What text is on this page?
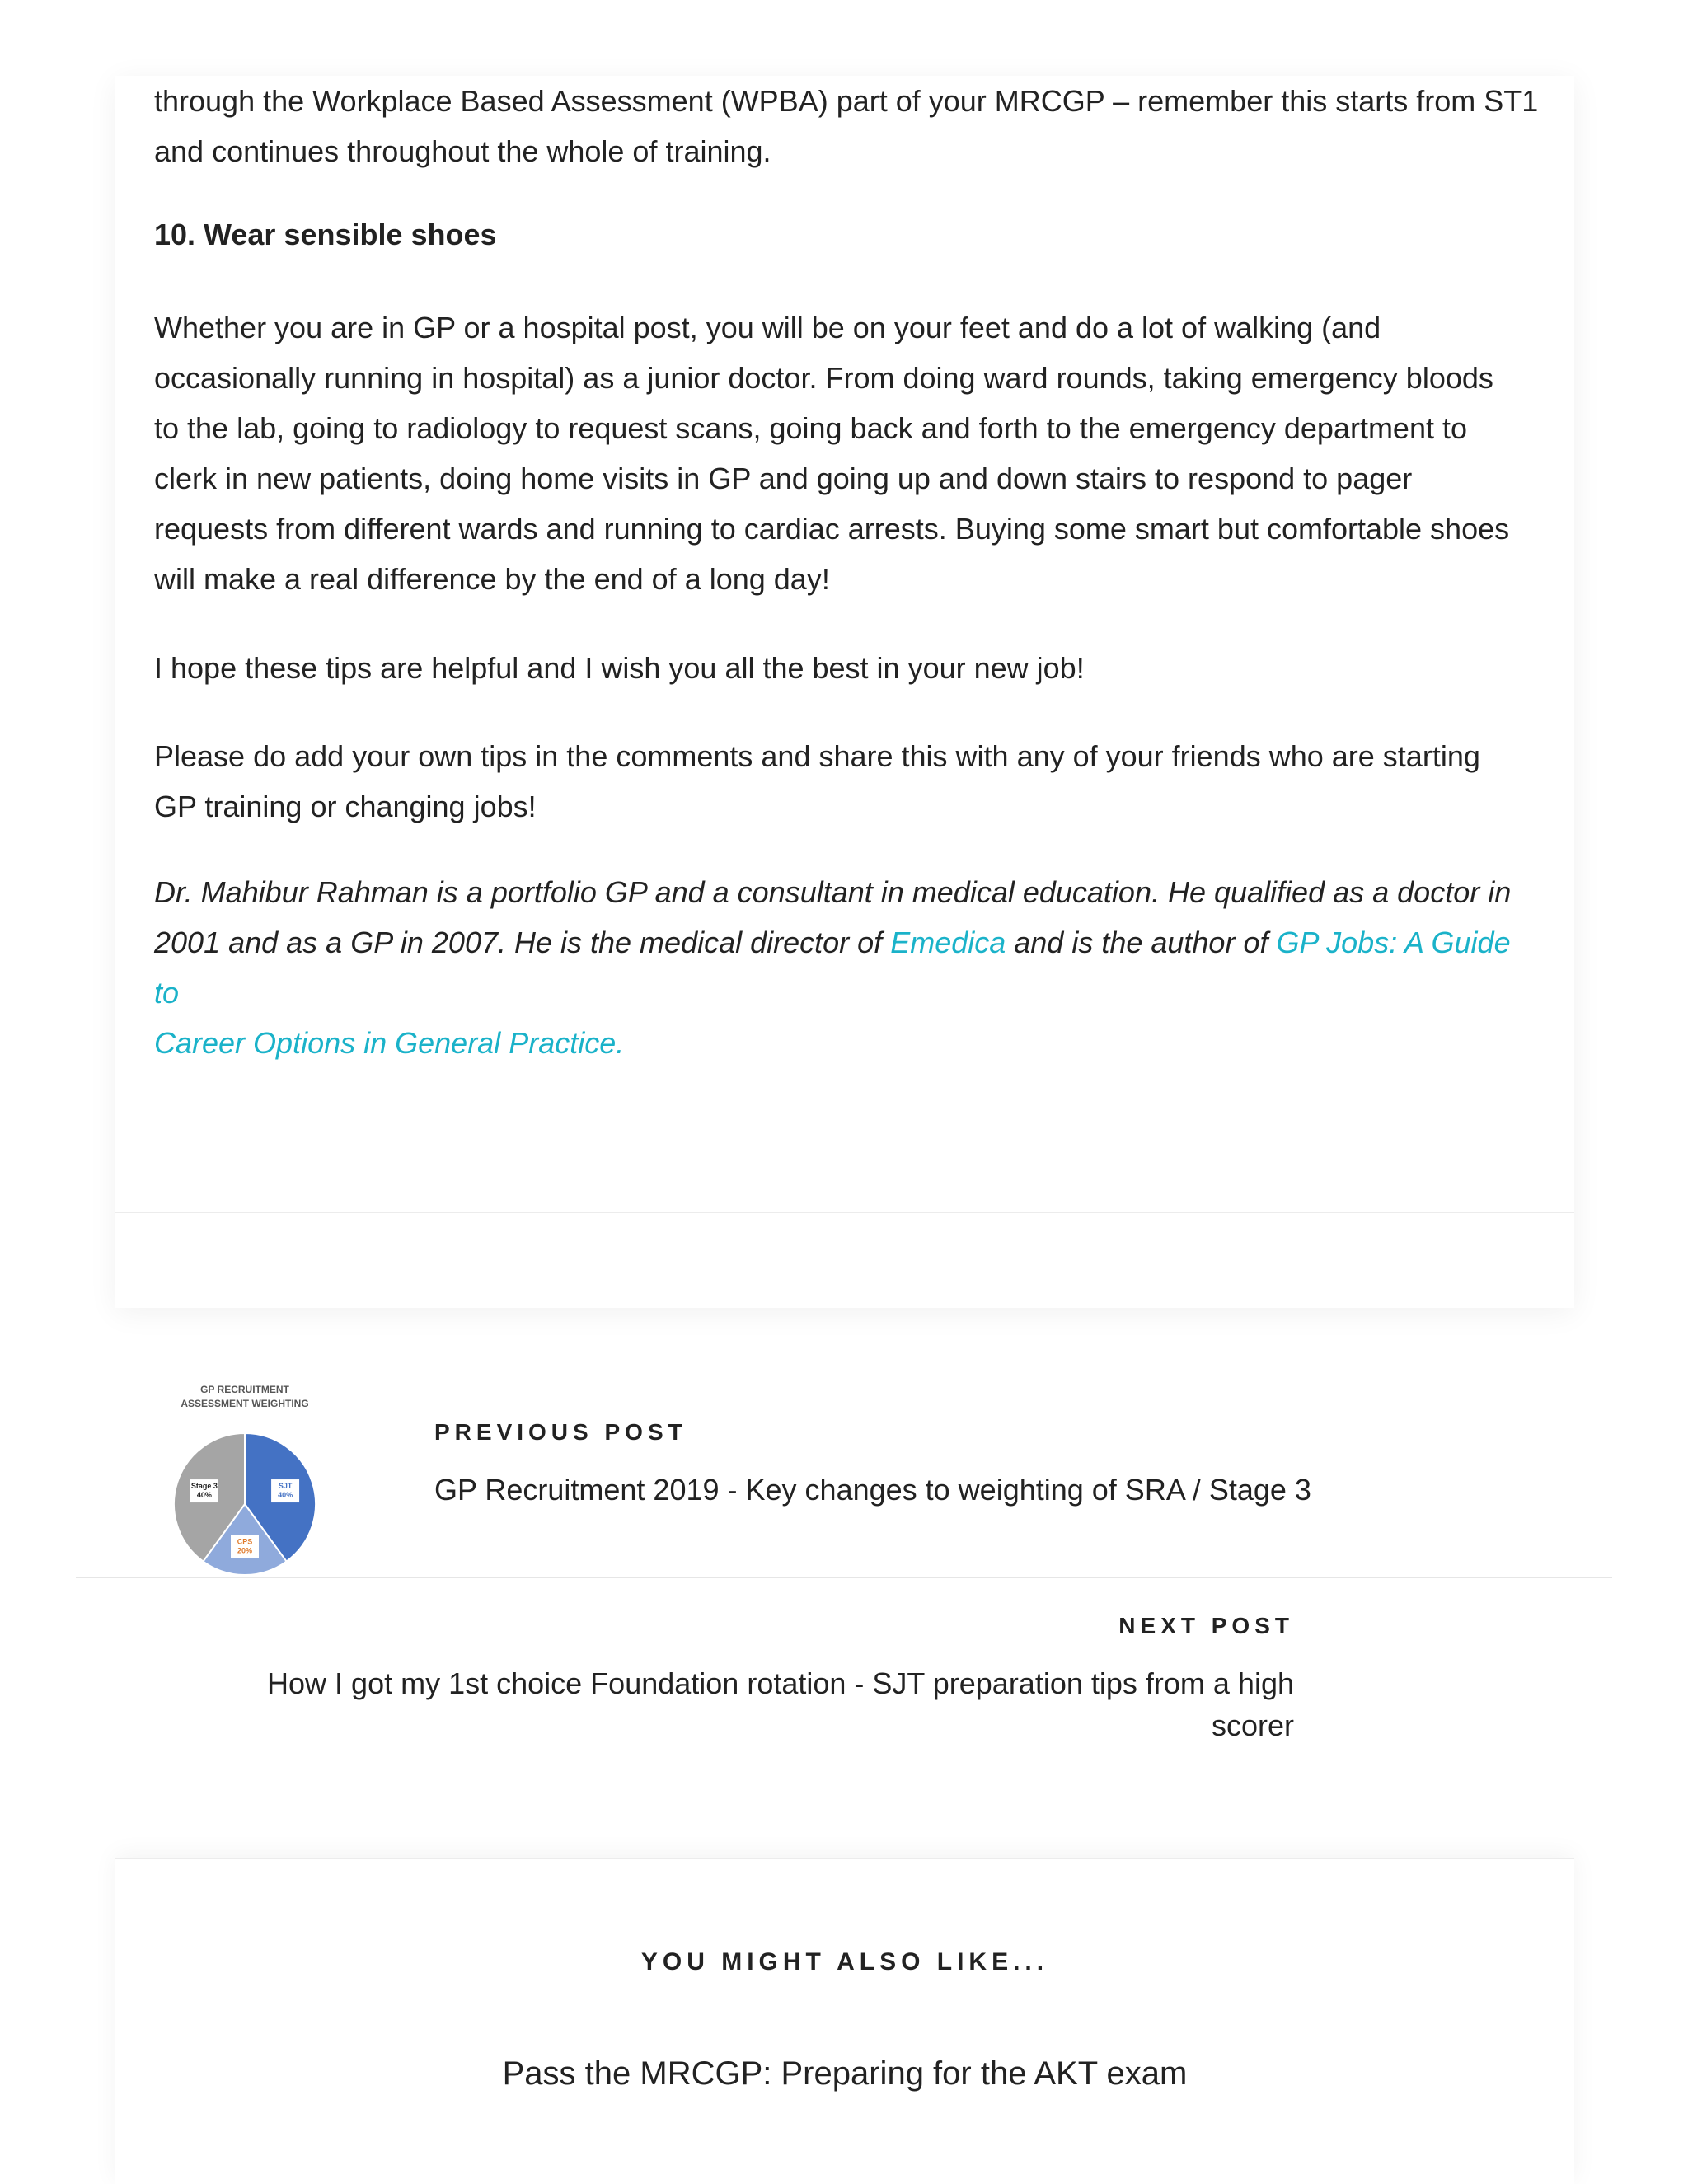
through the Workplace Based Assessment (WPBA) part of your MRCGP – remember this starts from ST1
and continues throughout the whole of training.

10. Wear sensible shoes

Whether you are in GP or a hospital post, you will be on your feet and do a lot of walking (and
occasionally running in hospital) as a junior doctor. From doing ward rounds, taking emergency bloods
to the lab, going to radiology to request scans, going back and forth to the emergency department to
clerk in new patients, doing home visits in GP and going up and down stairs to respond to pager
requests from different wards and running to cardiac arrests. Buying some smart but comfortable shoes
will make a real difference by the end of a long day!

I hope these tips are helpful and I wish you all the best in your new job!

Please do add your own tips in the comments and share this with any of your friends who are starting
GP training or changing jobs!

Dr. Mahibur Rahman is a portfolio GP and a consultant in medical education. He qualified as a doctor in
2001 and as a GP in 2007. He is the medical director of Emedica and is the author of GP Jobs: A Guide to
Career Options in General Practice.

GP RECRUITMENT
ASSESSMENT WEIGHTING
SJT
40%
CPS
20%
Stage 3
40%
PREVIOUS POST
GP Recruitment 2019 - Key changes to weighting of SRA / Stage 3
NEXT POST
How I got my 1st choice Foundation rotation - SJT preparation tips from a high
scorer
YOU MIGHT ALSO LIKE...
Pass the MRCGP: Preparing for the AKT exam
